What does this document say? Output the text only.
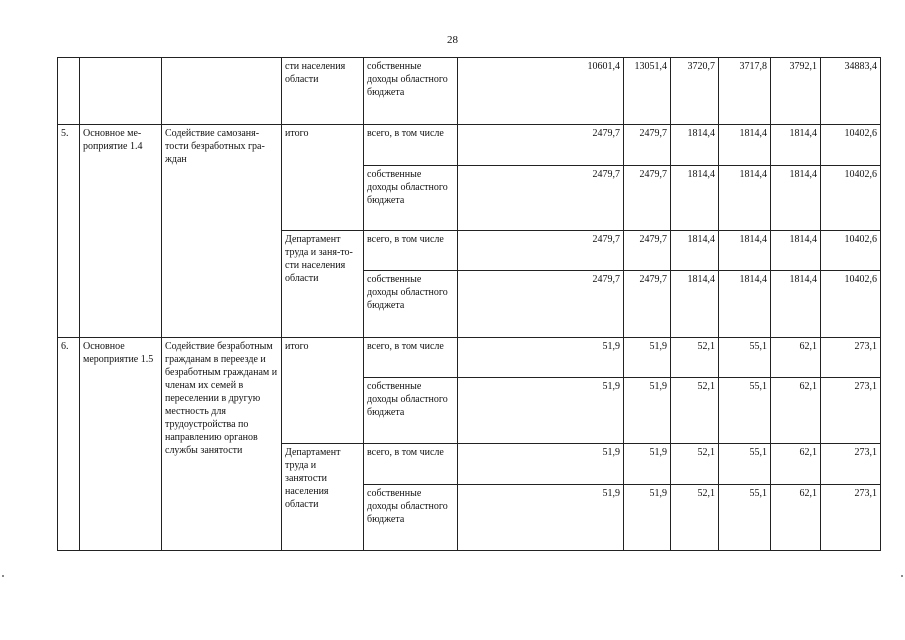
28
			сти населения области	собственные доходы областного бюджета	10601,4	13051,4	3720,7	3717,8	3792,1	34883,4
5.	Основное ме-роприятие 1.4	Содействие самозаня-тости безработных гра-ждан	итого	всего, в том числе	2479,7	2479,7	1814,4	1814,4	1814,4	10402,6
				собственные доходы областного бюджета	2479,7	2479,7	1814,4	1814,4	1814,4	10402,6
			Департамент труда и заня-то-сти населения области	всего, в том числе	2479,7	2479,7	1814,4	1814,4	1814,4	10402,6
				собственные доходы областного бюджета	2479,7	2479,7	1814,4	1814,4	1814,4	10402,6
6.	Основное мероприятие 1.5	Содействие безработным гражданам в переезде и безработным гражданам и членам их семей в переселении в другую местность для трудоустройства по направлению органов службы занятости	итого	всего, в том числе	51,9	51,9	52,1	55,1	62,1	273,1
				собственные доходы областного бюджета	51,9	51,9	52,1	55,1	62,1	273,1
			Департамент труда и занятости населения области	всего, в том числе	51,9	51,9	52,1	55,1	62,1	273,1
				собственные доходы областного бюджета	51,9	51,9	52,1	55,1	62,1	273,1
